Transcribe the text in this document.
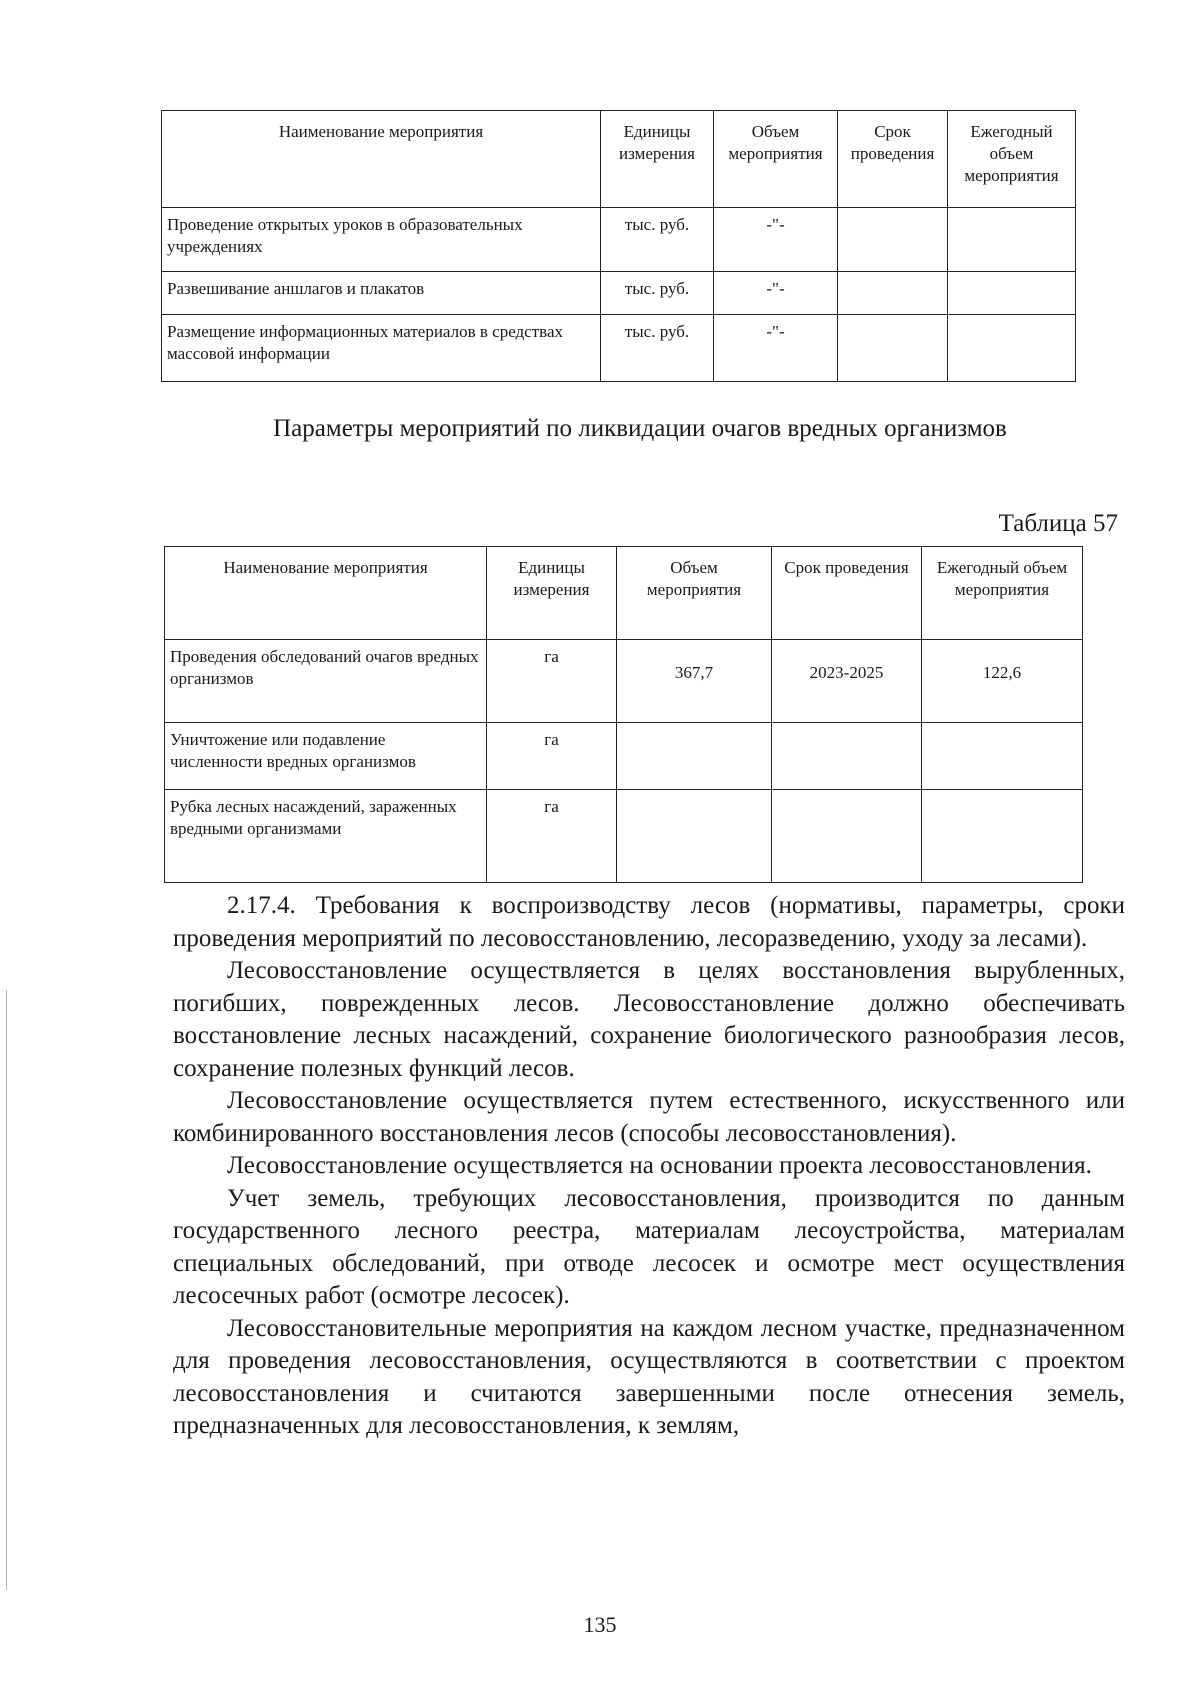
Наименование мероприятия	Единицы измерения	Объем мероприятия	Срок проведения	Ежегодный объем мероприятия
Проведение открытых уроков в образовательных учреждениях	тыс. руб.	-"-		
Развешивание аншлагов и плакатов	тыс. руб.	-"-		
Размещение информационных материалов в средствах массовой информации	тыс. руб.	-"-		
Параметры мероприятий по ликвидации очагов вредных организмов
Таблица 57
Наименование мероприятия	Единицы измерения	Объем мероприятия	Срок проведения	Ежегодный объем мероприятия
Проведения обследований очагов вредных организмов	га	367,7	2023-2025	122,6
Уничтожение или подавление численности вредных организмов	га			
Рубка лесных насаждений, зараженных вредными организмами	га			

2.17.4. Требования к воспроизводству лесов (нормативы, параметры, сроки проведения мероприятий по лесовосстановлению, лесоразведению, уходу за лесами).

Лесовосстановление осуществляется в целях восстановления вырубленных, погибших, поврежденных лесов. Лесовосстановление должно обеспечивать восстановление лесных насаждений, сохранение биологического разнообразия лесов, сохранение полезных функций лесов.

Лесовосстановление осуществляется путем естественного, искусственного или комбинированного восстановления лесов (способы лесовосстановления).

Лесовосстановление осуществляется на основании проекта лесовосстановления.

Учет земель, требующих лесовосстановления, производится по данным государственного лесного реестра, материалам лесоустройства, материалам специальных обследований, при отводе лесосек и осмотре мест осуществления лесосечных работ (осмотре лесосек).

Лесовосстановительные мероприятия на каждом лесном участке, предназначенном для проведения лесовосстановления, осуществляются в соответствии с проектом лесовосстановления и считаются завершенными после отнесения земель, предназначенных для лесовосстановления, к землям,

135
